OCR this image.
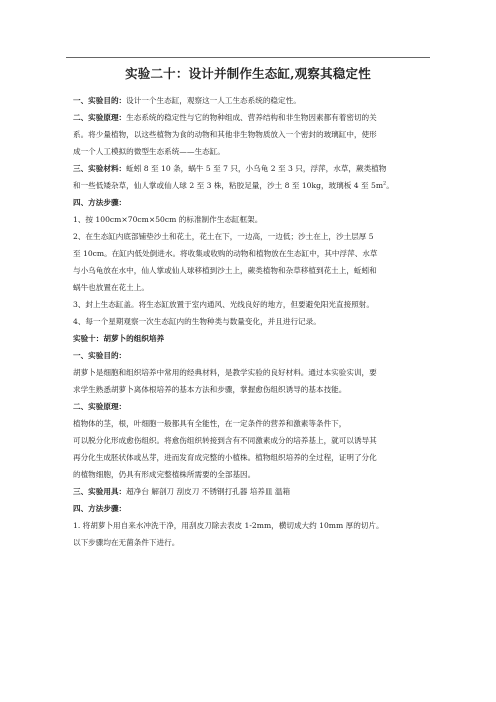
实验二十：设计并制作生态缸,观察其稳定性

一、实验目的：设计一个生态缸，观察这一人工生态系统的稳定性。

二、实验原理：生态系统的稳定性与它的物种组成、营养结构和非生物因素都有着密切的关

系。将少量植物，以这些植物为食的动物和其他非生物物质放入一个密封的玻璃缸中，使形

成一个人工模拟的微型生态系统——生态缸。

三、实验材料：蚯蚓 8 至 10 条，蜗牛 5 至 7 只，小乌龟 2 至 3 只，浮萍，水草，蕨类植物

和一些低矮杂草，仙人掌或仙人球 2 至 3 株，粘胶足量，沙土 8 至 10kg，玻璃板 4 至 $5m^2$。

四、方法步骤：

1、按 100cm×70cm×50cm 的标准制作生态缸框架。

2、在生态缸内底部铺垫沙土和花土，花土在下，一边高，一边低；沙土在上，沙土层厚 5

至 10cm。在缸内低处倒进水。将收集或收购的动物和植物放在生态缸中，其中浮萍、水草

与小乌龟放在水中，仙人掌或仙人球移植到沙土上，蕨类植物和杂草移植到花土上，蚯蚓和

蜗牛也放置在花土上。

3、封上生态缸盖。将生态缸放置于室内通风、光线良好的地方，但要避免阳光直接照射。

4、每一个星期观察一次生态缸内的生物种类与数量变化，并且进行记录。

实验十：胡萝卜的组织培养

一、实验目的：

胡萝卜是细胞和组织培养中常用的经典材料，是教学实验的良好材料。通过本实验实训，要

求学生熟悉胡萝卜离体根培养的基本方法和步骤，掌握愈伤组织诱导的基本技能。

二、实验原理：

植物体的茎，根，叶细胞一般都具有全能性，在一定条件的营养和激素等条件下，

可以脱分化形成愈伤组织。将愈伤组织转接到含有不同激素成分的培养基上，就可以诱导其

再分化生成胚状体或丛芽，进而发育成完整的小植株。植物组织培养的全过程，证明了分化

的植物细胞，仍具有形成完整植株所需要的全部基因。

三、实验用具：超净台 解剖刀 刮皮刀 不锈钢打孔器 培养皿 温箱

四、方法步骤：

1. 将胡萝卜用自来水冲洗干净，用刮皮刀除去表皮 1-2mm，横切成大约 10mm 厚的切片。

以下步骤均在无菌条件下进行。
